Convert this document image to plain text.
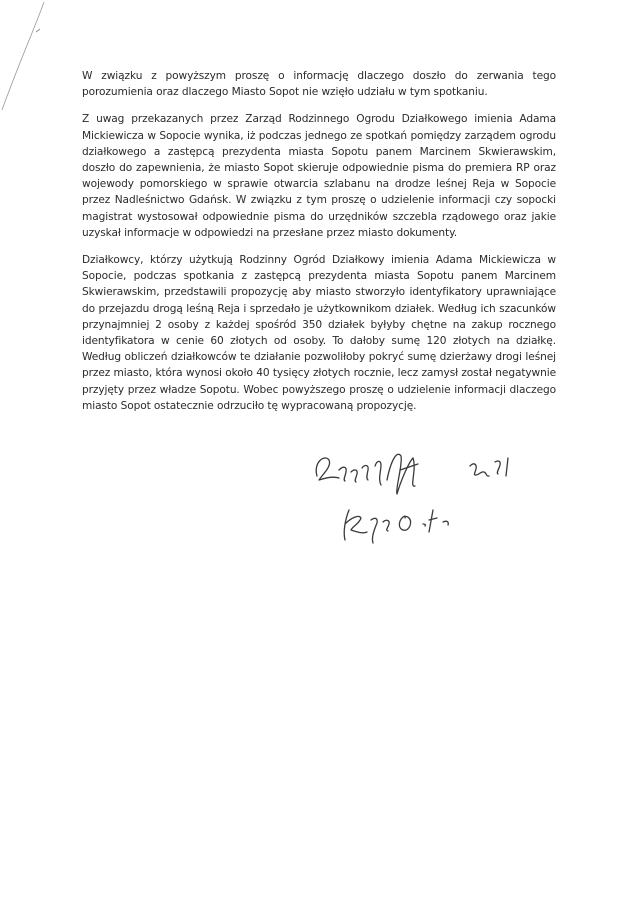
W związku z powyższym proszę o informację dlaczego doszło do zerwania tego porozumienia oraz dlaczego Miasto Sopot nie wzięło udziału w tym spotkaniu.

Z uwag przekazanych przez Zarząd Rodzinnego Ogrodu Działkowego imienia Adama Mickiewicza w Sopocie wynika, iż podczas jednego ze spotkań pomiędzy zarządem ogrodu działkowego a zastępcą prezydenta miasta Sopotu panem Marcinem Skwierawskim, doszło do zapewnienia, że miasto Sopot skieruje odpowiednie pisma do premiera RP oraz wojewody pomorskiego w sprawie otwarcia szlabanu na drodze leśnej Reja w Sopocie przez Nadleśnictwo Gdańsk. W związku z tym proszę o udzielenie informacji czy sopocki magistrat wystosował odpowiednie pisma do urzędników szczebla rządowego oraz jakie uzyskał informacje w odpowiedzi na przesłane przez miasto dokumenty.

Działkowcy, którzy użytkują Rodzinny Ogród Działkowy imienia Adama Mickiewicza w Sopocie, podczas spotkania z zastępcą prezydenta miasta Sopotu panem Marcinem Skwierawskim, przedstawili propozycję aby miasto stworzyło identyfikatory uprawniające do przejazdu drogą leśną Reja i sprzedało je użytkownikom działek. Według ich szacunków przynajmniej 2 osoby z każdej spośród 350 działek byłyby chętne na zakup rocznego identyfikatora w cenie 60 złotych od osoby. To dałoby sumę 120 złotych na działkę. Według obliczeń działkowców te działanie pozwoliłoby pokryć sumę dzierżawy drogi leśnej przez miasto, która wynosi około 40 tysięcy złotych rocznie, lecz zamysł został negatywnie przyjęty przez władze Sopotu. Wobec powyższego proszę o udzielenie informacji dlaczego miasto Sopot ostatecznie odrzuciło tę wypracowaną propozycję.
